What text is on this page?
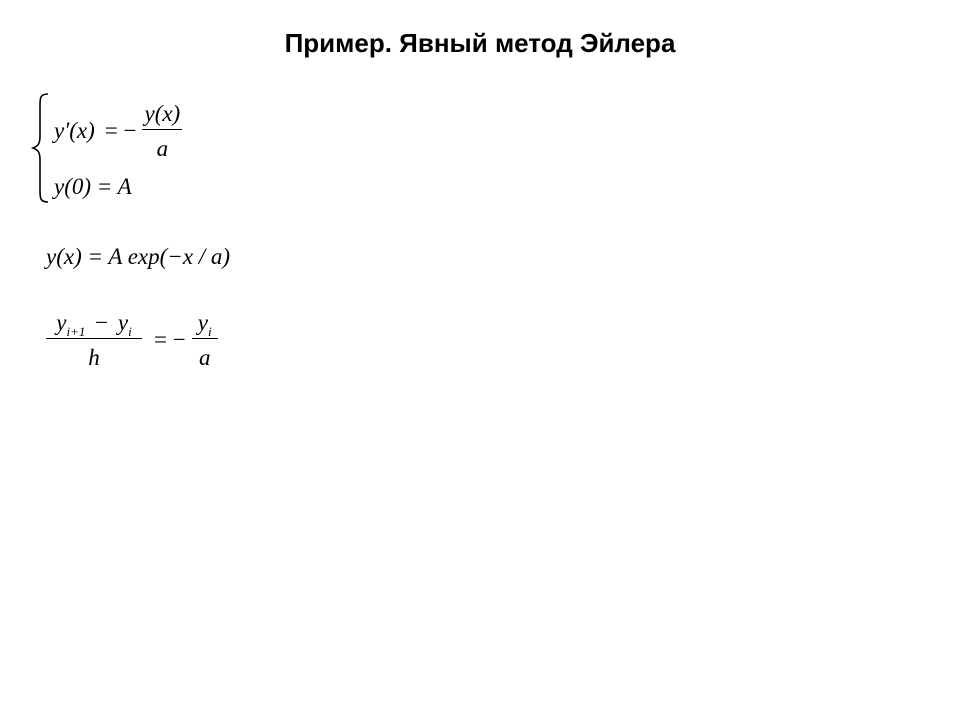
Пример. Явный метод Эйлера
y′(x) = − $\frac{y(x)}{a}$
y(0) = A
y(x) = A exp(−x / a)
$\frac{y_{i+1} - y_i}{h}$ = − $\frac{y_i}{a}$
